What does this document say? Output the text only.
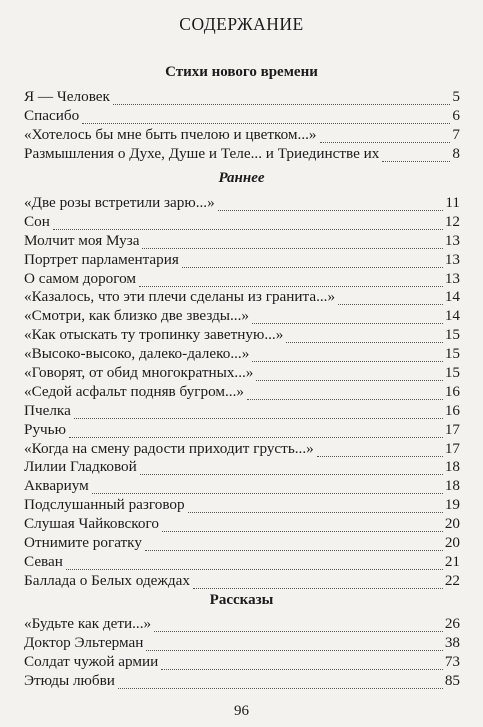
СОДЕРЖАНИЕ
Стихи нового времени
Я — Человек	5
Спасибо	6
«Хотелось бы мне быть пчелою и цветком...»	7
Размышления о Духе, Душе и Теле... и Триединстве их	8
Раннее
«Две розы встретили зарю...»	11
Сон	12
Молчит моя Муза	13
Портрет парламентария	13
О самом дорогом	13
«Казалось, что эти плечи сделаны из гранита...»	14
«Смотри, как близко две звезды...»	14
«Как отыскать ту тропинку заветную...»	15
«Высоко-высоко, далеко-далеко...»	15
«Говорят, от обид многократных...»	15
«Седой асфальт подняв бугром...»	16
Пчелка	16
Ручью	17
«Когда на смену радости приходит грусть...»	17
Лилии Гладковой	18
Аквариум	18
Подслушанный разговор	19
Слушая Чайковского	20
Отнимите рогатку	20
Севан	21
Баллада о Белых одеждах	22
Рассказы
«Будьте как дети...»	26
Доктор Эльтерман	38
Солдат чужой армии	73
Этюды любви	85
96
